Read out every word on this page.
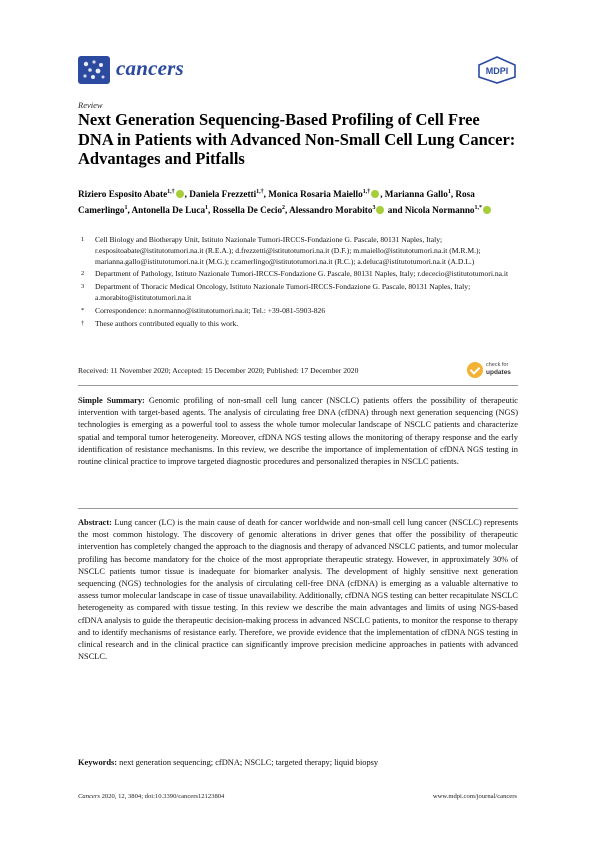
cancers	MDPI
Review
Next Generation Sequencing-Based Profiling of Cell Free DNA in Patients with Advanced Non-Small Cell Lung Cancer: Advantages and Pitfalls
Riziero Esposito Abate$^{1,\dagger}$ , Daniela Frezzetti$^{1,\dagger}$, Monica Rosaria Maiello$^{1,\dagger}$ , Marianna Gallo$^1$, Rosa Camerlingo$^1$, Antonella De Luca$^1$, Rossella De Cecio$^2$, Alessandro Morabito$^3$ and Nicola Normanno$^{1,*}$
1 Cell Biology and Biotherapy Unit, Istituto Nazionale Tumori-IRCCS-Fondazione G. Pascale, 80131 Naples, Italy; r.espositoabate@istitutotumori.na.it (R.E.A.); d.frezzetti@istitutotumori.na.it (D.F.); m.maiello@istitutotumori.na.it (M.R.M.); marianna.gallo@istitutotumori.na.it (M.G.); r.camerlingo@istitutotumori.na.it (R.C.); a.deluca@istitutotumori.na.it (A.D.L.)
2 Department of Pathology, Istituto Nazionale Tumori-IRCCS-Fondazione G. Pascale, 80131 Naples, Italy; r.dececio@istitutotumori.na.it
3 Department of Thoracic Medical Oncology, Istituto Nazionale Tumori-IRCCS-Fondazione G. Pascale, 80131 Naples, Italy; a.morabito@istitutotumori.na.it
* Correspondence: n.normanno@istitutotumori.na.it; Tel.: +39-081-5903-826
† These authors contributed equally to this work.
Received: 11 November 2020; Accepted: 15 December 2020; Published: 17 December 2020
check for
updates
Simple Summary: Genomic profiling of non-small cell lung cancer (NSCLC) patients offers the possibility of therapeutic intervention with target-based agents. The analysis of circulating free DNA (cfDNA) through next generation sequencing (NGS) technologies is emerging as a powerful tool to assess the whole tumor molecular landscape of NSCLC patients and characterize spatial and temporal tumor heterogeneity. Moreover, cfDNA NGS testing allows the monitoring of therapy response and the early identification of resistance mechanisms. In this review, we describe the importance of implementation of cfDNA NGS testing in routine clinical practice to improve targeted diagnostic procedures and personalized therapies in NSCLC patients.
Abstract: Lung cancer (LC) is the main cause of death for cancer worldwide and non-small cell lung cancer (NSCLC) represents the most common histology. The discovery of genomic alterations in driver genes that offer the possibility of therapeutic intervention has completely changed the approach to the diagnosis and therapy of advanced NSCLC patients, and tumor molecular profiling has become mandatory for the choice of the most appropriate therapeutic strategy. However, in approximately 30% of NSCLC patients tumor tissue is inadequate for biomarker analysis. The development of highly sensitive next generation sequencing (NGS) technologies for the analysis of circulating cell-free DNA (cfDNA) is emerging as a valuable alternative to assess tumor molecular landscape in case of tissue unavailability. Additionally, cfDNA NGS testing can better recapitulate NSCLC heterogeneity as compared with tissue testing. In this review we describe the main advantages and limits of using NGS-based cfDNA analysis to guide the therapeutic decision-making process in advanced NSCLC patients, to monitor the response to therapy and to identify mechanisms of resistance early. Therefore, we provide evidence that the implementation of cfDNA NGS testing in clinical research and in the clinical practice can significantly improve precision medicine approaches in patients with advanced NSCLC.
Keywords: next generation sequencing; cfDNA; NSCLC; targeted therapy; liquid biopsy
Cancers 2020, 12, 3804; doi:10.3390/cancers12123804	www.mdpi.com/journal/cancers
